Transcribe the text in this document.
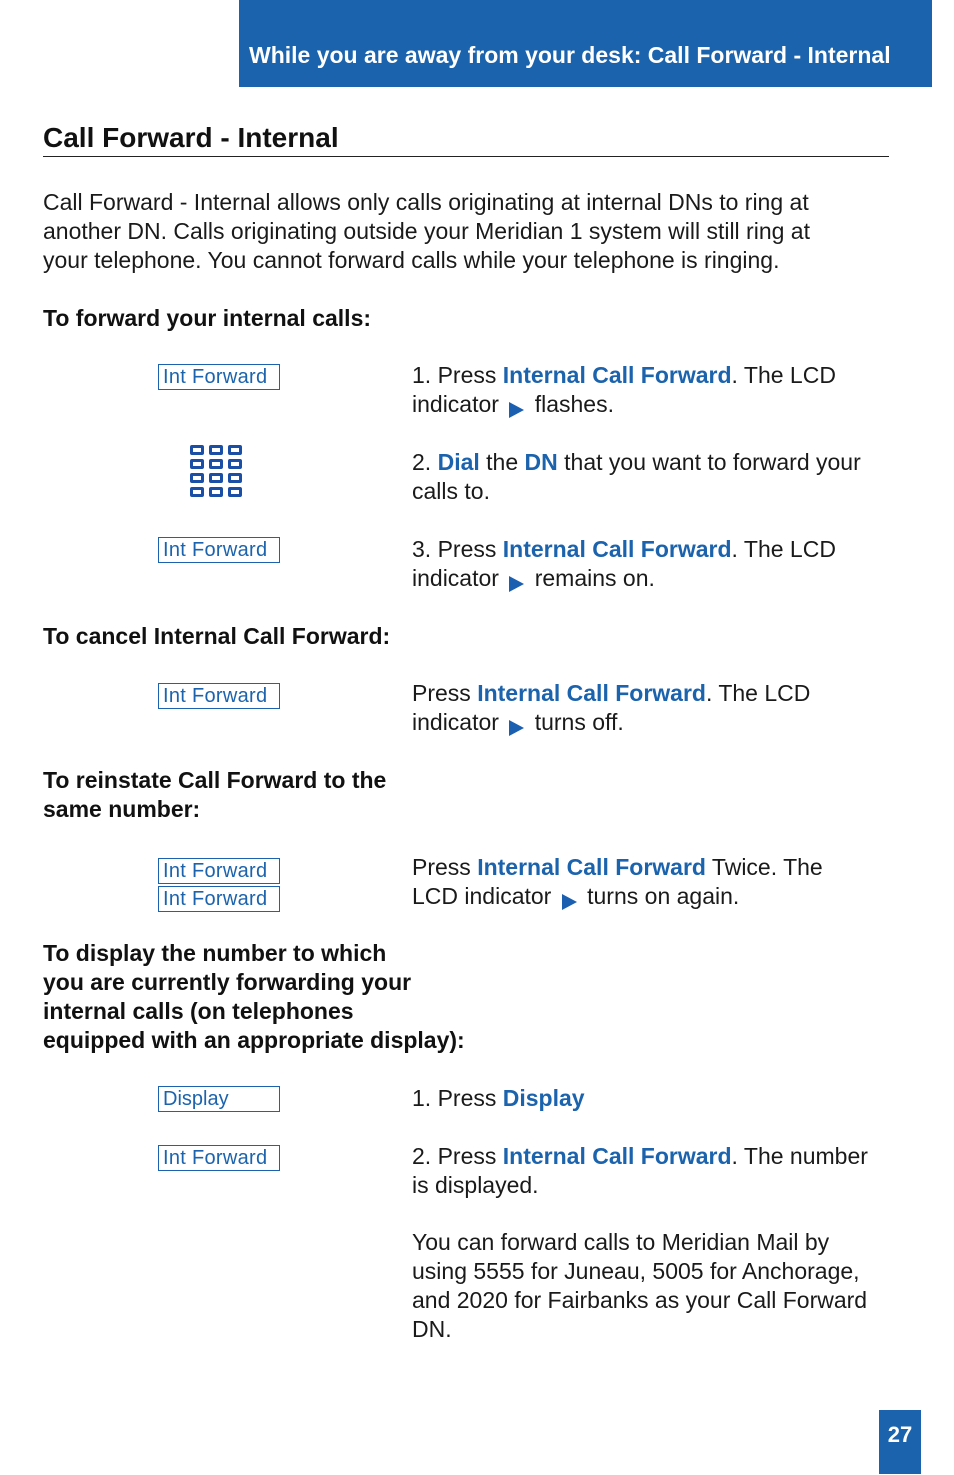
While you are away from your desk: Call Forward - Internal
Call Forward - Internal
Call Forward - Internal allows only calls originating at internal DNs to ring at
another DN. Calls originating outside your Meridian 1 system will still ring at
your telephone. You cannot forward calls while your telephone is ringing.
To forward your internal calls:
Int Forward	1. Press Internal Call Forward. The LCD
indicator flashes.
2. Dial the DN that you want to forward your
calls to.
Int Forward	3. Press Internal Call Forward. The LCD
indicator remains on.
To cancel Internal Call Forward:
Int Forward	Press Internal Call Forward. The LCD
indicator turns off.
To reinstate Call Forward to the
same number:
Int Forward
Int Forward
Press Internal Call Forward Twice. The
LCD indicator turns on again.
To display the number to which
you are currently forwarding your
internal calls (on telephones
equipped with an appropriate display):
Display	1. Press Display
Int Forward	2. Press Internal Call Forward. The number
is displayed.
You can forward calls to Meridian Mail by
using 5555 for Juneau, 5005 for Anchorage,
and 2020 for Fairbanks as your Call Forward
DN.
27
